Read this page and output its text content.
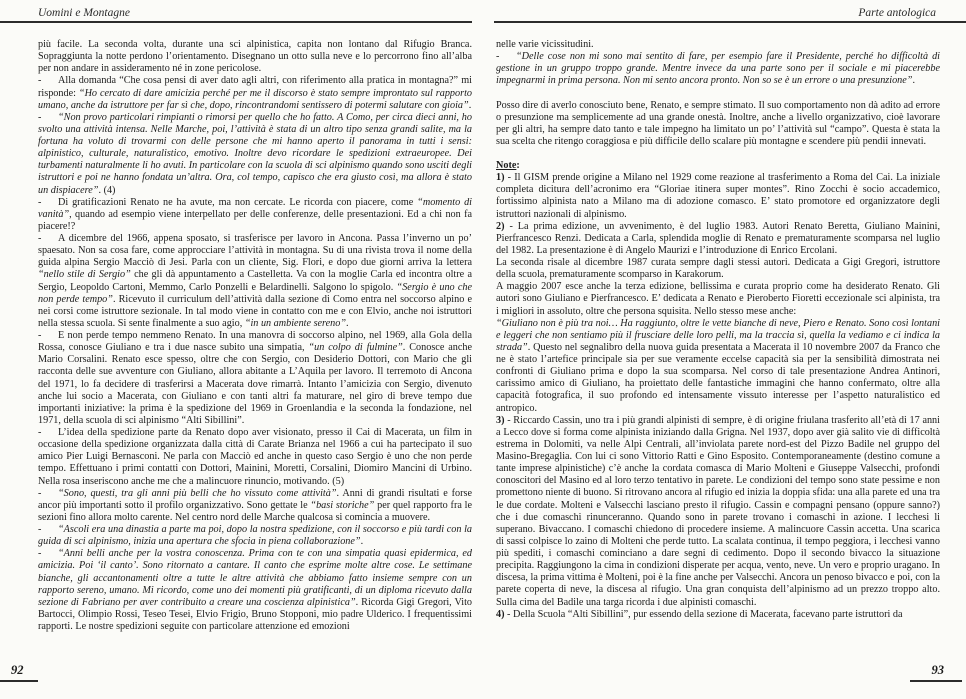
Uomini e Montagne	Parte antologica

più facile. La seconda volta, durante una sci alpinistica, capita non lontano dal Rifugio Branca. Sopraggiunta la notte perdono l’orientamento. Disegnano un otto sulla neve e lo percorrono fino all’alba per non andare in assideramento né in zone pericolose.

- Alla domanda “Che cosa pensi di aver dato agli altri, con riferimento alla pratica in montagna?” mi risponde: “Ho cercato di dare amicizia perché per me il discorso è stato sempre improntato sul rapporto umano, anche da istruttore per far sì che, dopo, rincontrandomi sentissero di potermi salutare con gioia”.

- “Non provo particolari rimpianti o rimorsi per quello che ho fatto. A Como, per circa dieci anni, ho svolto una attività intensa. Nelle Marche, poi, l’attività è stata di un altro tipo senza grandi salite, ma la fortuna ha voluto di trovarmi con delle persone che mi hanno aperto il panorama in tutti i sensi: alpinistico, culturale, naturalistico, emotivo. Inoltre devo ricordare le spedizioni extraeuropee. Dei turbamenti naturalmente li ho avuti. In particolare con la scuola di sci alpinismo quando sono usciti degli istruttori e poi ne hanno fondata un’altra. Ora, col tempo, capisco che era giusto così, ma allora è stato un dispiacere”. (4)

- Di gratificazioni Renato ne ha avute, ma non cercate. Le ricorda con piacere, come “momento di vanità”, quando ad esempio viene interpellato per delle conferenze, delle presentazioni. Ed a chi non fa piacere!?

- A dicembre del 1966, appena sposato, si trasferisce per lavoro in Ancona. Passa l’inverno un po’ spaesato. Non sa cosa fare, come approcciare l’attività in montagna. Su di una rivista trova il nome della guida alpina Sergio Macciò di Jesi. Parla con un cliente, Sig. Flori, e dopo due giorni arriva la lettera “nello stile di Sergio” che gli dà appuntamento a Castelletta. Va con la moglie Carla ed incontra oltre a Sergio, Leopoldo Cartoni, Memmo, Carlo Ponzelli e Belardinelli. Salgono lo spigolo. “Sergio è uno che non perde tempo”. Ricevuto il curriculum dell’attività dalla sezione di Como entra nel soccorso alpino e nei corsi come istruttore sezionale. In tal modo viene in contatto con me e con Elvio, anche noi istruttori nella stessa scuola. Si sente finalmente a suo agio, “in un ambiente sereno”.

- E non perde tempo nemmeno Renato. In una manovra di soccorso alpino, nel 1969, alla Gola della Rossa, conosce Giuliano e tra i due nasce subito una simpatia, “un colpo di fulmine”. Conosce anche Mario Corsalini. Renato esce spesso, oltre che con Sergio, con Desiderio Dottori, con Mario che gli racconta delle sue avventure con Giuliano, allora abitante a L’Aquila per lavoro. Il terremoto di Ancona del 1971, lo fa decidere di trasferirsi a Macerata dove rimarrà. Intanto l’amicizia con Sergio, divenuto anche lui socio a Macerata, con Giuliano e con tanti altri fa maturare, nel giro di breve tempo due importanti iniziative: la prima è la spedizione del 1969 in Groenlandia e la seconda la fondazione, nel 1971, della scuola di sci alpinismo “Alti Sibillini”.

- L’idea della spedizione parte da Renato dopo aver visionato, presso il Cai di Macerata, un film in occasione della spedizione organizzata dalla città di Carate Brianza nel 1966 a cui ha partecipato il suo amico Pier Luigi Bernasconi. Ne parla con Macciò ed anche in questo caso Sergio è uno che non perde tempo. Effettuano i primi contatti con Dottori, Mainini, Moretti, Corsalini, Diomiro Mancini di Urbino. Nella rosa inseriscono anche me che a malincuore rinuncio, motivando. (5)

- “Sono, questi, tra gli anni più belli che ho vissuto come attività”. Anni di grandi risultati e forse ancor più importanti sotto il profilo organizzativo. Sono gettate le “basi storiche” per quel rapporto fra le sezioni fino allora molto carente. Nel centro nord delle Marche qualcosa si comincia a muovere.

- “Ascoli era una dinastia a parte ma poi, dopo la nostra spedizione, con il soccorso e più tardi con la guida di sci alpinismo, inizia una apertura che sfocia in piena collaborazione”.

- “Anni belli anche per la vostra conoscenza. Prima con te con una simpatia quasi epidermica, ed amicizia. Poi ‘il canto’. Sono ritornato a cantare. Il canto che esprime molte altre cose. Le settimane bianche, gli accantonamenti oltre a tutte le altre attività che abbiamo fatto insieme sempre con un rapporto sereno, umano. Mi ricordo, come uno dei momenti più gratificanti, di un diploma ricevuto dalla sezione di Fabriano per aver contribuito a creare una coscienza alpinistica”. Ricorda Gigi Gregori, Vito Bartocci, Olimpio Rossi, Teseo Tesei, Elvio Frigio, Bruno Stopponi, mio padre Ulderico. I frequentissimi rapporti. Le nostre spedizioni seguite con particolare attenzione ed emozioni

nelle varie vicissitudini.

- “Delle cose non mi sono mai sentito di fare, per esempio fare il Presidente, perché ho difficoltà di gestione in un gruppo troppo grande. Mentre invece da una parte sono per il sociale e mi piacerebbe impegnarmi in prima persona. Non mi sento ancora pronto. Non so se è un errore o una presunzione”.

Posso dire di averlo conosciuto bene, Renato, e sempre stimato. Il suo comportamento non dà adito ad errore o presunzione ma semplicemente ad una grande onestà. Inoltre, anche a livello organizzativo, cioè lavorare per gli altri, ha sempre dato tanto e tale impegno ha limitato un po’ l’attività sul “campo”. Questa è stata la sua scelta che ritengo coraggiosa e più difficile dello scalare più montagne e scendere più pendii innevati.

Note:

1) - Il GISM prende origine a Milano nel 1929 come reazione al trasferimento a Roma del Cai. La iniziale completa dicitura dell’acronimo era “Gloriae itinera super montes”. Rino Zocchi è socio accademico, fortissimo alpinista nato a Milano ma di adozione comasco. E’ stato promotore ed organizzatore degli istruttori nazionali di alpinismo.

2) - La prima edizione, un avvenimento, è del luglio 1983. Autori Renato Beretta, Giuliano Mainini, Pierfrancesco Renzi. Dedicata a Carla, splendida moglie di Renato e prematuramente scomparsa nel luglio del 1982. La presentazione è di Angelo Maurizi e l’introduzione di Enrico Ercolani.

La seconda risale al dicembre 1987 curata sempre dagli stessi autori. Dedicata a Gigi Gregori, istruttore della scuola, prematuramente scomparso in Karakorum.

A maggio 2007 esce anche la terza edizione, bellissima e curata proprio come ha desiderato Renato. Gli autori sono Giuliano e Pierfrancesco. E’ dedicata a Renato e Pieroberto Fioretti eccezionale sci alpinista, tra i migliori in assoluto, oltre che persona squisita. Nello stesso mese anche:

“Giuliano non è più tra noi… Ha raggiunto, oltre le vette bianche di neve, Piero e Renato. Sono così lontani e leggeri che non sentiamo più il frusciare delle loro pelli, ma la traccia sì, quella la vediamo e ci indica la strada”. Questo nel segnalibro della nuova guida presentata a Macerata il 10 novembre 2007 da Franco che ne è stato l’artefice principale sia per sue veramente eccelse capacità sia per la sensibilità dimostrata nei confronti di Giuliano prima e dopo la sua scomparsa. Nel corso di tale presentazione Andrea Antinori, carissimo amico di Giuliano, ha proiettato delle fantastiche immagini che hanno confermato, oltre alla capacità fotografica, il suo profondo ed intensamente vissuto interesse per l’aspetto naturalistico ed antropico.

3) - Riccardo Cassin, uno tra i più grandi alpinisti di sempre, è di origine friulana trasferito all’età di 17 anni a Lecco dove si forma come alpinista iniziando dalla Grigna. Nel 1937, dopo aver già salito vie di difficoltà estrema in Dolomiti, va nelle Alpi Centrali, all’inviolata parete nord-est del Pizzo Badile nel gruppo del Masino-Bregaglia. Con lui ci sono Vittorio Ratti e Gino Esposito. Contemporaneamente (destino comune a tante imprese alpinistiche) c’è anche la cordata comasca di Mario Molteni e Giuseppe Valsecchi, profondi conoscitori del Masino ed al loro terzo tentativo in parete. Le condizioni del tempo sono state pessime e non promettono niente di buono. Si ritrovano ancora al rifugio ed inizia la doppia sfida: una alla parete ed una tra le due cordate. Molteni e Valsecchi lasciano presto il rifugio. Cassin e compagni pensano (oppure sanno?) che i due comaschi rinunceranno. Quando sono in parete trovano i comaschi in azione. I lecchesi li superano. Bivaccano. I comaschi chiedono di procedere insieme. A malincuore Cassin accetta. Una scarica di sassi colpisce lo zaino di Molteni che perde tutto. La scalata continua, il tempo peggiora, i lecchesi vanno più spediti, i comaschi cominciano a dare segni di cedimento. Dopo il secondo bivacco la situazione precipita. Raggiungono la cima in condizioni disperate per acqua, vento, neve. Un vero e proprio uragano. In discesa, la prima vittima è Molteni, poi è la fine anche per Valsecchi. Ancora un penoso bivacco e poi, con la parete coperta di neve, la discesa al rifugio. Una gran conquista dell’alpinismo ad un prezzo troppo alto. Sulla cima del Badile una targa ricorda i due alpinisti comaschi.

4) - Della Scuola “Alti Sibillini”, pur essendo della sezione di Macerata, facevano parte istruttori da

92	93
